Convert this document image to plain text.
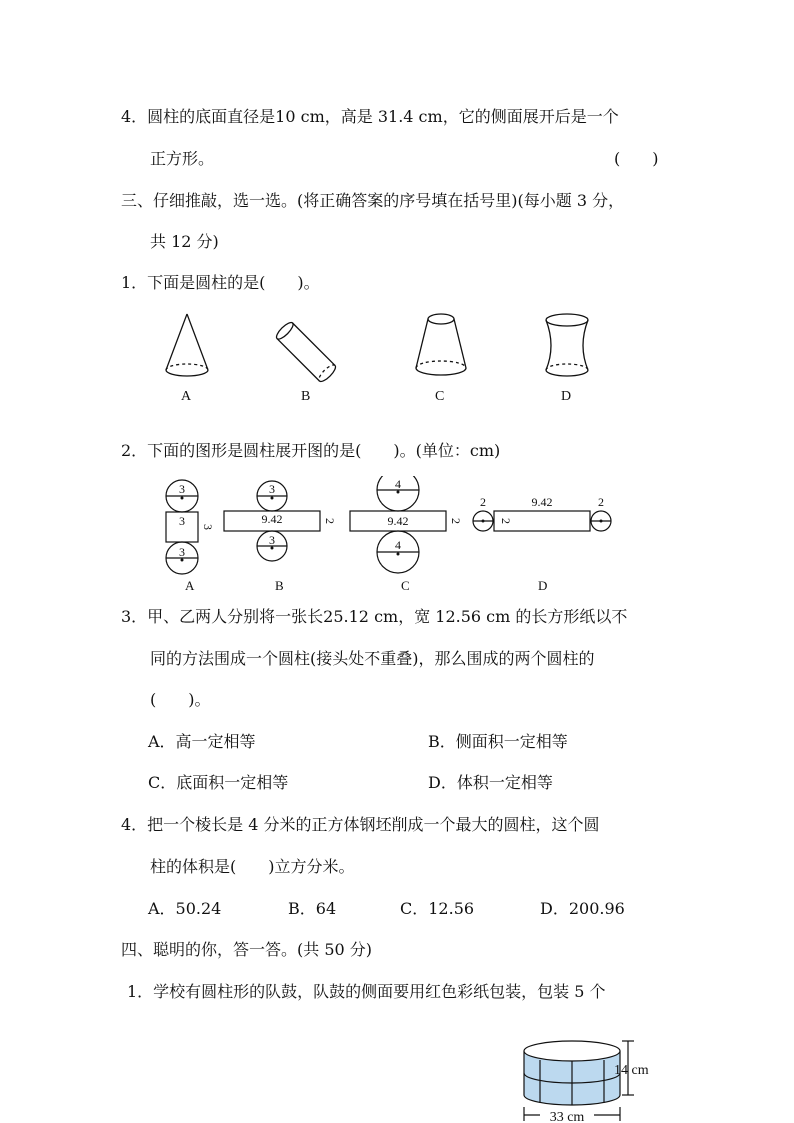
4．圆柱的底面直径是10 cm，高是 31.4 cm，它的侧面展开后是一个
正方形。	(　　)
三、仔细推敲，选一选。(将正确答案的序号填在括号里)(每小题 3 分，
共 12 分)
1．下面是圆柱的是(　　)。
A	B	C	D
2．下面的图形是圆柱展开图的是(　　)。(单位：cm)
3
3 3
3
3
9.42	2
3
4
9.42	2
4
2	9.42
2
2
A	B	C	D
3．甲、乙两人分别将一张长25.12 cm，宽 12.56 cm 的长方形纸以不
同的方法围成一个圆柱(接头处不重叠)，那么围成的两个圆柱的
(　　)。
A．高一定相等	B．侧面积一定相等
C．底面积一定相等	D．体积一定相等
4．把一个棱长是 4 分米的正方体钢坯削成一个最大的圆柱，这个圆
柱的体积是(　　)立方分米。
A．50.24	B．64	C．12.56	D．200.96
四、聪明的你，答一答。(共 50 分)
1．学校有圆柱形的队鼓，队鼓的侧面要用红色彩纸包装，包装 5 个
14 cm
33 cm
